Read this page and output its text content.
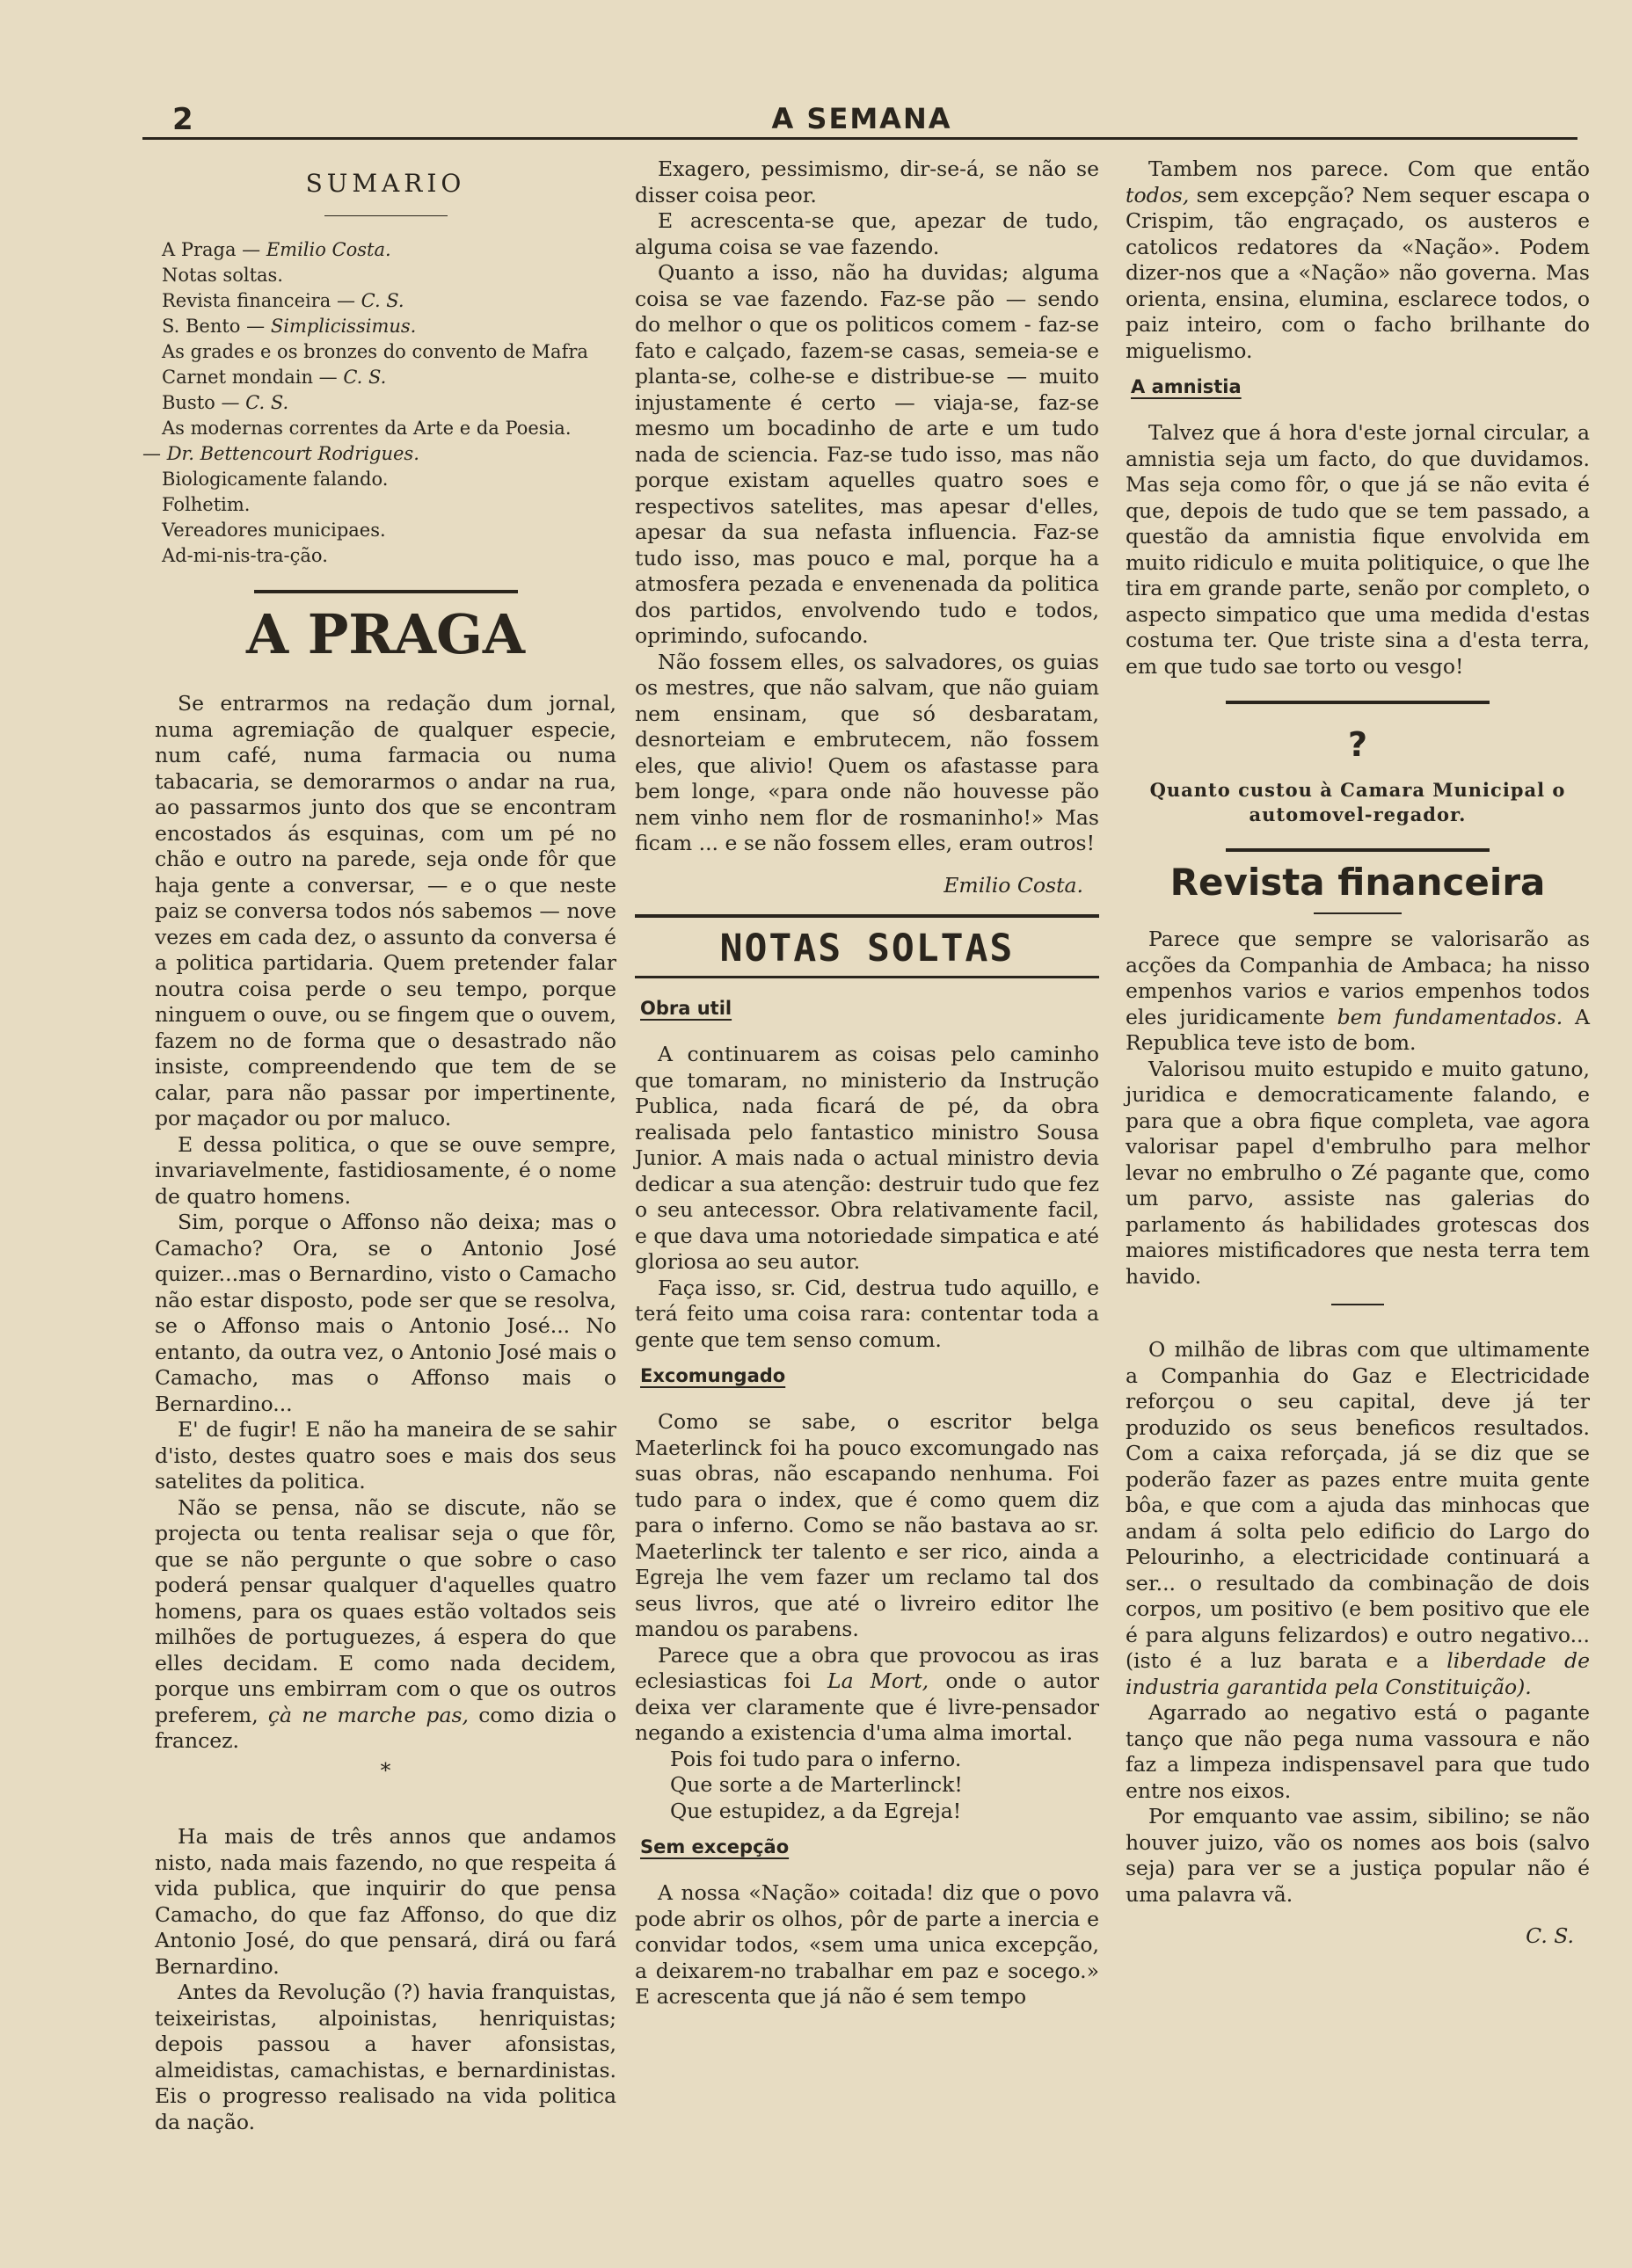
2	A SEMANA
SUMARIO
A Praga — Emilio Costa.
Notas soltas.
Revista financeira — C. S.
S. Bento — Simplicissimus.
As grades e os bronzes do convento de Mafra
Carnet mondain — C. S.
Busto — C. S.
As modernas correntes da Arte e da Poesia.
— Dr. Bettencourt Rodrigues.
Biologicamente falando.
Folhetim.
Vereadores municipaes.
Ad-mi-nis-tra-ção.
A PRAGA

Se entrarmos na redação dum jornal, numa agremiação de qualquer especie, num café, numa farmacia ou numa tabacaria, se demorarmos o andar na rua, ao passarmos junto dos que se encontram encostados ás esquinas, com um pé no chão e outro na parede, seja onde fôr que haja gente a conversar, — e o que neste paiz se conversa todos nós sabemos — nove vezes em cada dez, o assunto da conversa é a politica partidaria. Quem pretender falar noutra coisa perde o seu tempo, porque ninguem o ouve, ou se fingem que o ouvem, fazem no de forma que o desastrado não insiste, compreendendo que tem de se calar, para não passar por impertinente, por maçador ou por maluco.

E dessa politica, o que se ouve sempre, invariavelmente, fastidiosamente, é o nome de quatro homens.

Sim, porque o Affonso não deixa; mas o Camacho? Ora, se o Antonio José quizer...mas o Bernardino, visto o Camacho não estar disposto, pode ser que se resolva, se o Affonso mais o Antonio José... No entanto, da outra vez, o Antonio José mais o Camacho, mas o Affonso mais o Bernardino...

E' de fugir! E não ha maneira de se sahir d'isto, destes quatro soes e mais dos seus satelites da politica.

Não se pensa, não se discute, não se projecta ou tenta realisar seja o que fôr, que se não pergunte o que sobre o caso poderá pensar qualquer d'aquelles quatro homens, para os quaes estão voltados seis milhões de portuguezes, á espera do que elles decidam. E como nada decidem, porque uns embirram com o que os outros preferem, çà ne marche pas, como dizia o francez.

*

Ha mais de três annos que andamos nisto, nada mais fazendo, no que respeita á vida publica, que inquirir do que pensa Camacho, do que faz Affonso, do que diz Antonio José, do que pensará, dirá ou fará Bernardino.

Antes da Revolução (?) havia franquistas, teixeiristas, alpoinistas, henriquistas; depois passou a haver afonsistas, almeidistas, camachistas, e bernardinistas. Eis o progresso realisado na vida politica da nação.

Exagero, pessimismo, dir-se-á, se não se disser coisa peor.

E acrescenta-se que, apezar de tudo, alguma coisa se vae fazendo.

Quanto a isso, não ha duvidas; alguma coisa se vae fazendo. Faz-se pão — sendo do melhor o que os politicos comem - faz-se fato e calçado, fazem-se casas, semeia-se e planta-se, colhe-se e distribue-se — muito injustamente é certo — viaja-se, faz-se mesmo um bocadinho de arte e um tudo nada de sciencia. Faz-se tudo isso, mas não porque existam aquelles quatro soes e respectivos satelites, mas apesar d'elles, apesar da sua nefasta influencia. Faz-se tudo isso, mas pouco e mal, porque ha a atmosfera pezada e envenenada da politica dos partidos, envolvendo tudo e todos, oprimindo, sufocando.

Não fossem elles, os salvadores, os guias os mestres, que não salvam, que não guiam nem ensinam, que só desbaratam, desnorteiam e embrutecem, não fossem eles, que alivio! Quem os afastasse para bem longe, «para onde não houvesse pão nem vinho nem flor de rosmaninho!» Mas ficam ... e se não fossem elles, eram outros!

Emilio Costa.
NOTAS SOLTAS

Obra util

A continuarem as coisas pelo caminho que tomaram, no ministerio da Instrução Publica, nada ficará de pé, da obra realisada pelo fantastico ministro Sousa Junior. A mais nada o actual ministro devia dedicar a sua atenção: destruir tudo que fez o seu antecessor. Obra relativamente facil, e que dava uma notoriedade simpatica e até gloriosa ao seu autor.

Faça isso, sr. Cid, destrua tudo aquillo, e terá feito uma coisa rara: contentar toda a gente que tem senso comum.

Excomungado

Como se sabe, o escritor belga Maeterlinck foi ha pouco excomungado nas suas obras, não escapando nenhuma. Foi tudo para o index, que é como quem diz para o inferno. Como se não bastava ao sr. Maeterlinck ter talento e ser rico, ainda a Egreja lhe vem fazer um reclamo tal dos seus livros, que até o livreiro editor lhe mandou os parabens.

Parece que a obra que provocou as iras eclesiasticas foi La Mort, onde o autor deixa ver claramente que é livre-pensador negando a existencia d'uma alma imortal.

Pois foi tudo para o inferno.

Que sorte a de Marterlinck!

Que estupidez, a da Egreja!

Sem excepção

A nossa «Nação» coitada! diz que o povo pode abrir os olhos, pôr de parte a inercia e convidar todos, «sem uma unica excepção, a deixarem-no trabalhar em paz e socego.» E acrescenta que já não é sem tempo

Tambem nos parece. Com que então todos, sem excepção? Nem sequer escapa o Crispim, tão engraçado, os austeros e catolicos redatores da «Nação». Podem dizer-nos que a «Nação» não governa. Mas orienta, ensina, elumina, esclarece todos, o paiz inteiro, com o facho brilhante do miguelismo.

A amnistia

Talvez que á hora d'este jornal circular, a amnistia seja um facto, do que duvidamos. Mas seja como fôr, o que já se não evita é que, depois de tudo que se tem passado, a questão da amnistia fique envolvida em muito ridiculo e muita politiquice, o que lhe tira em grande parte, senão por completo, o aspecto simpatico que uma medida d'estas costuma ter. Que triste sina a d'esta terra, em que tudo sae torto ou vesgo!

?
Quanto custou à Camara Municipal o automovel-regador.
Revista financeira

Parece que sempre se valorisarão as acções da Companhia de Ambaca; ha nisso empenhos varios e varios empenhos todos eles juridicamente bem fundamentados. A Republica teve isto de bom.

Valorisou muito estupido e muito gatuno, juridica e democraticamente falando, e para que a obra fique completa, vae agora valorisar papel d'embrulho para melhor levar no embrulho o Zé pagante que, como um parvo, assiste nas galerias do parlamento ás habilidades grotescas dos maiores mistificadores que nesta terra tem havido.

O milhão de libras com que ultimamente a Companhia do Gaz e Electricidade reforçou o seu capital, deve já ter produzido os seus beneficos resultados. Com a caixa reforçada, já se diz que se poderão fazer as pazes entre muita gente bôa, e que com a ajuda das minhocas que andam á solta pelo edificio do Largo do Pelourinho, a electricidade continuará a ser... o resultado da combinação de dois corpos, um positivo (e bem positivo que ele é para alguns felizardos) e outro negativo... (isto é a luz barata e a liberdade de industria garantida pela Constituição).

Agarrado ao negativo está o pagante tanço que não pega numa vassoura e não faz a limpeza indispensavel para que tudo entre nos eixos.

Por emquanto vae assim, sibilino; se não houver juizo, vão os nomes aos bois (salvo seja) para ver se a justiça popular não é uma palavra vã.

C. S.
